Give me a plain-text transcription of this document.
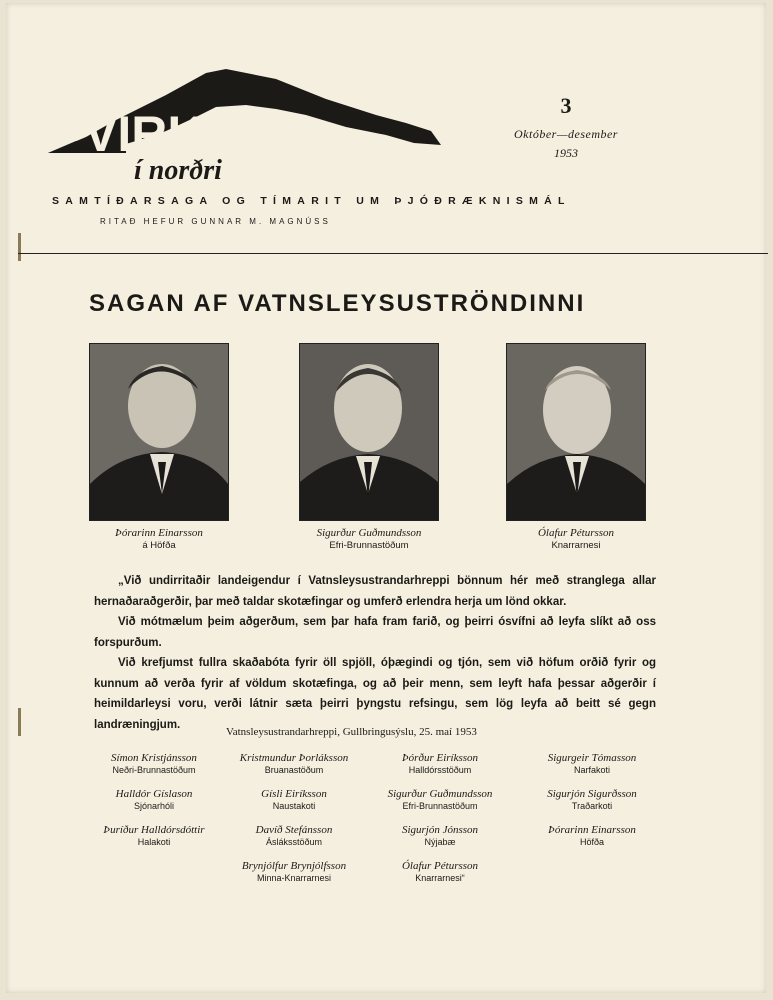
VIRKIÐ
í norðri
SAMTÍÐARSAGA OG TÍMARIT UM ÞJÓÐRÆKNISMÁL
RITAÐ HEFUR GUNNAR M. MAGNÚSS
3
Október—desember
1953
SAGAN AF VATNSLEYSUSTRÖNDINNI
Þórarinn Einarsson
á Höfða
Sigurður Guðmundsson
Efri-Brunnastöðum
Ólafur Pétursson
Knarrarnesi

„Við undirritaðir landeigendur í Vatnsleysustrandarhreppi bönnum hér með stranglega allar hernaðaraðgerðir, þar með taldar skotæfingar og umferð erlendra herja um lönd okkar.

Við mótmælum þeim aðgerðum, sem þar hafa fram farið, og þeirri ósvífni að leyfa slíkt að oss forspurðum.

Við krefjumst fullra skaðabóta fyrir öll spjöll, óþægindi og tjón, sem við höfum orðið fyrir og kunnum að verða fyrir af völdum skotæfinga, og að þeir menn, sem leyft hafa þessar aðgerðir í heimildarleysi voru, verði látnir sæta þeirri þyngstu refsingu, sem lög leyfa að beitt sé gegn landræningjum.

Vatnsleysustrandarhreppi, Gullbringusýslu, 25. maí 1953
Símon Kristjánsson
Neðri-Brunnastöðum
Kristmundur Þorláksson
Bruanastöðum
Þórður Eiríksson
Halldórsstöðum
Sigurgeir Tómasson
Narfakoti
Halldór Gíslason
Sjónarhóli
Gísli Eiríksson
Naustakoti
Sigurður Guðmundsson
Efri-Brunnastöðum
Sigurjón Sigurðsson
Traðarkoti
Þuríður Halldórsdóttir
Halakoti
Davíð Stefánsson
Ásláksstöðum
Sigurjón Jónsson
Nýjabæ
Þórarinn Einarsson
Höfða
Brynjólfur Brynjólfsson
Minna-Knarrarnesi
Ólafur Pétursson
Knarrarnesi“
